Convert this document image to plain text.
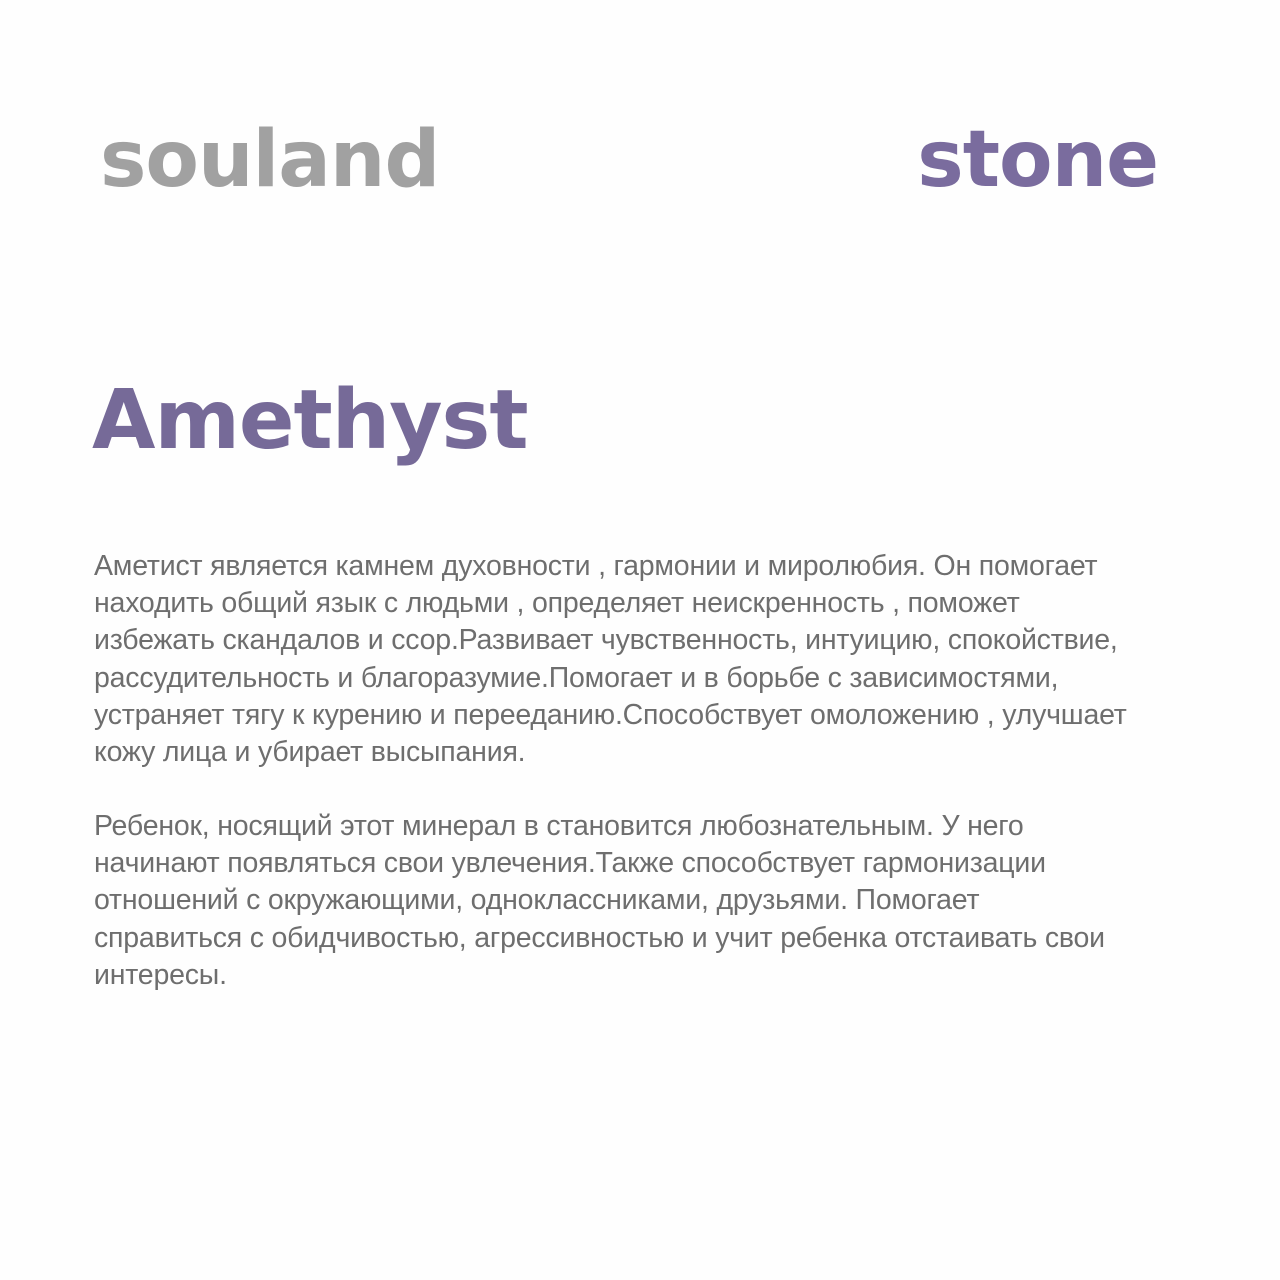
souland	stone
Amethyst

Аметист является камнем духовности , гармонии и миролюбия. Он помогает
находить общий язык с людьми , определяет неискренность , поможет
избежать скандалов и ссор.Развивает чувственность, интуицию, спокойствие,
рассудительность и благоразумие.Помогает и в борьбе с зависимостями,
устраняет тягу к курению и перееданию.Способствует омоложению , улучшает
кожу лица и убирает высыпания.

Ребенок, носящий этот минерал в становится любознательным. У него
начинают появляться свои увлечения.Также способствует гармонизации
отношений с окружающими, одноклассниками, друзьями. Помогает
справиться с обидчивостью, агрессивностью и учит ребенка отстаивать свои
интересы.
